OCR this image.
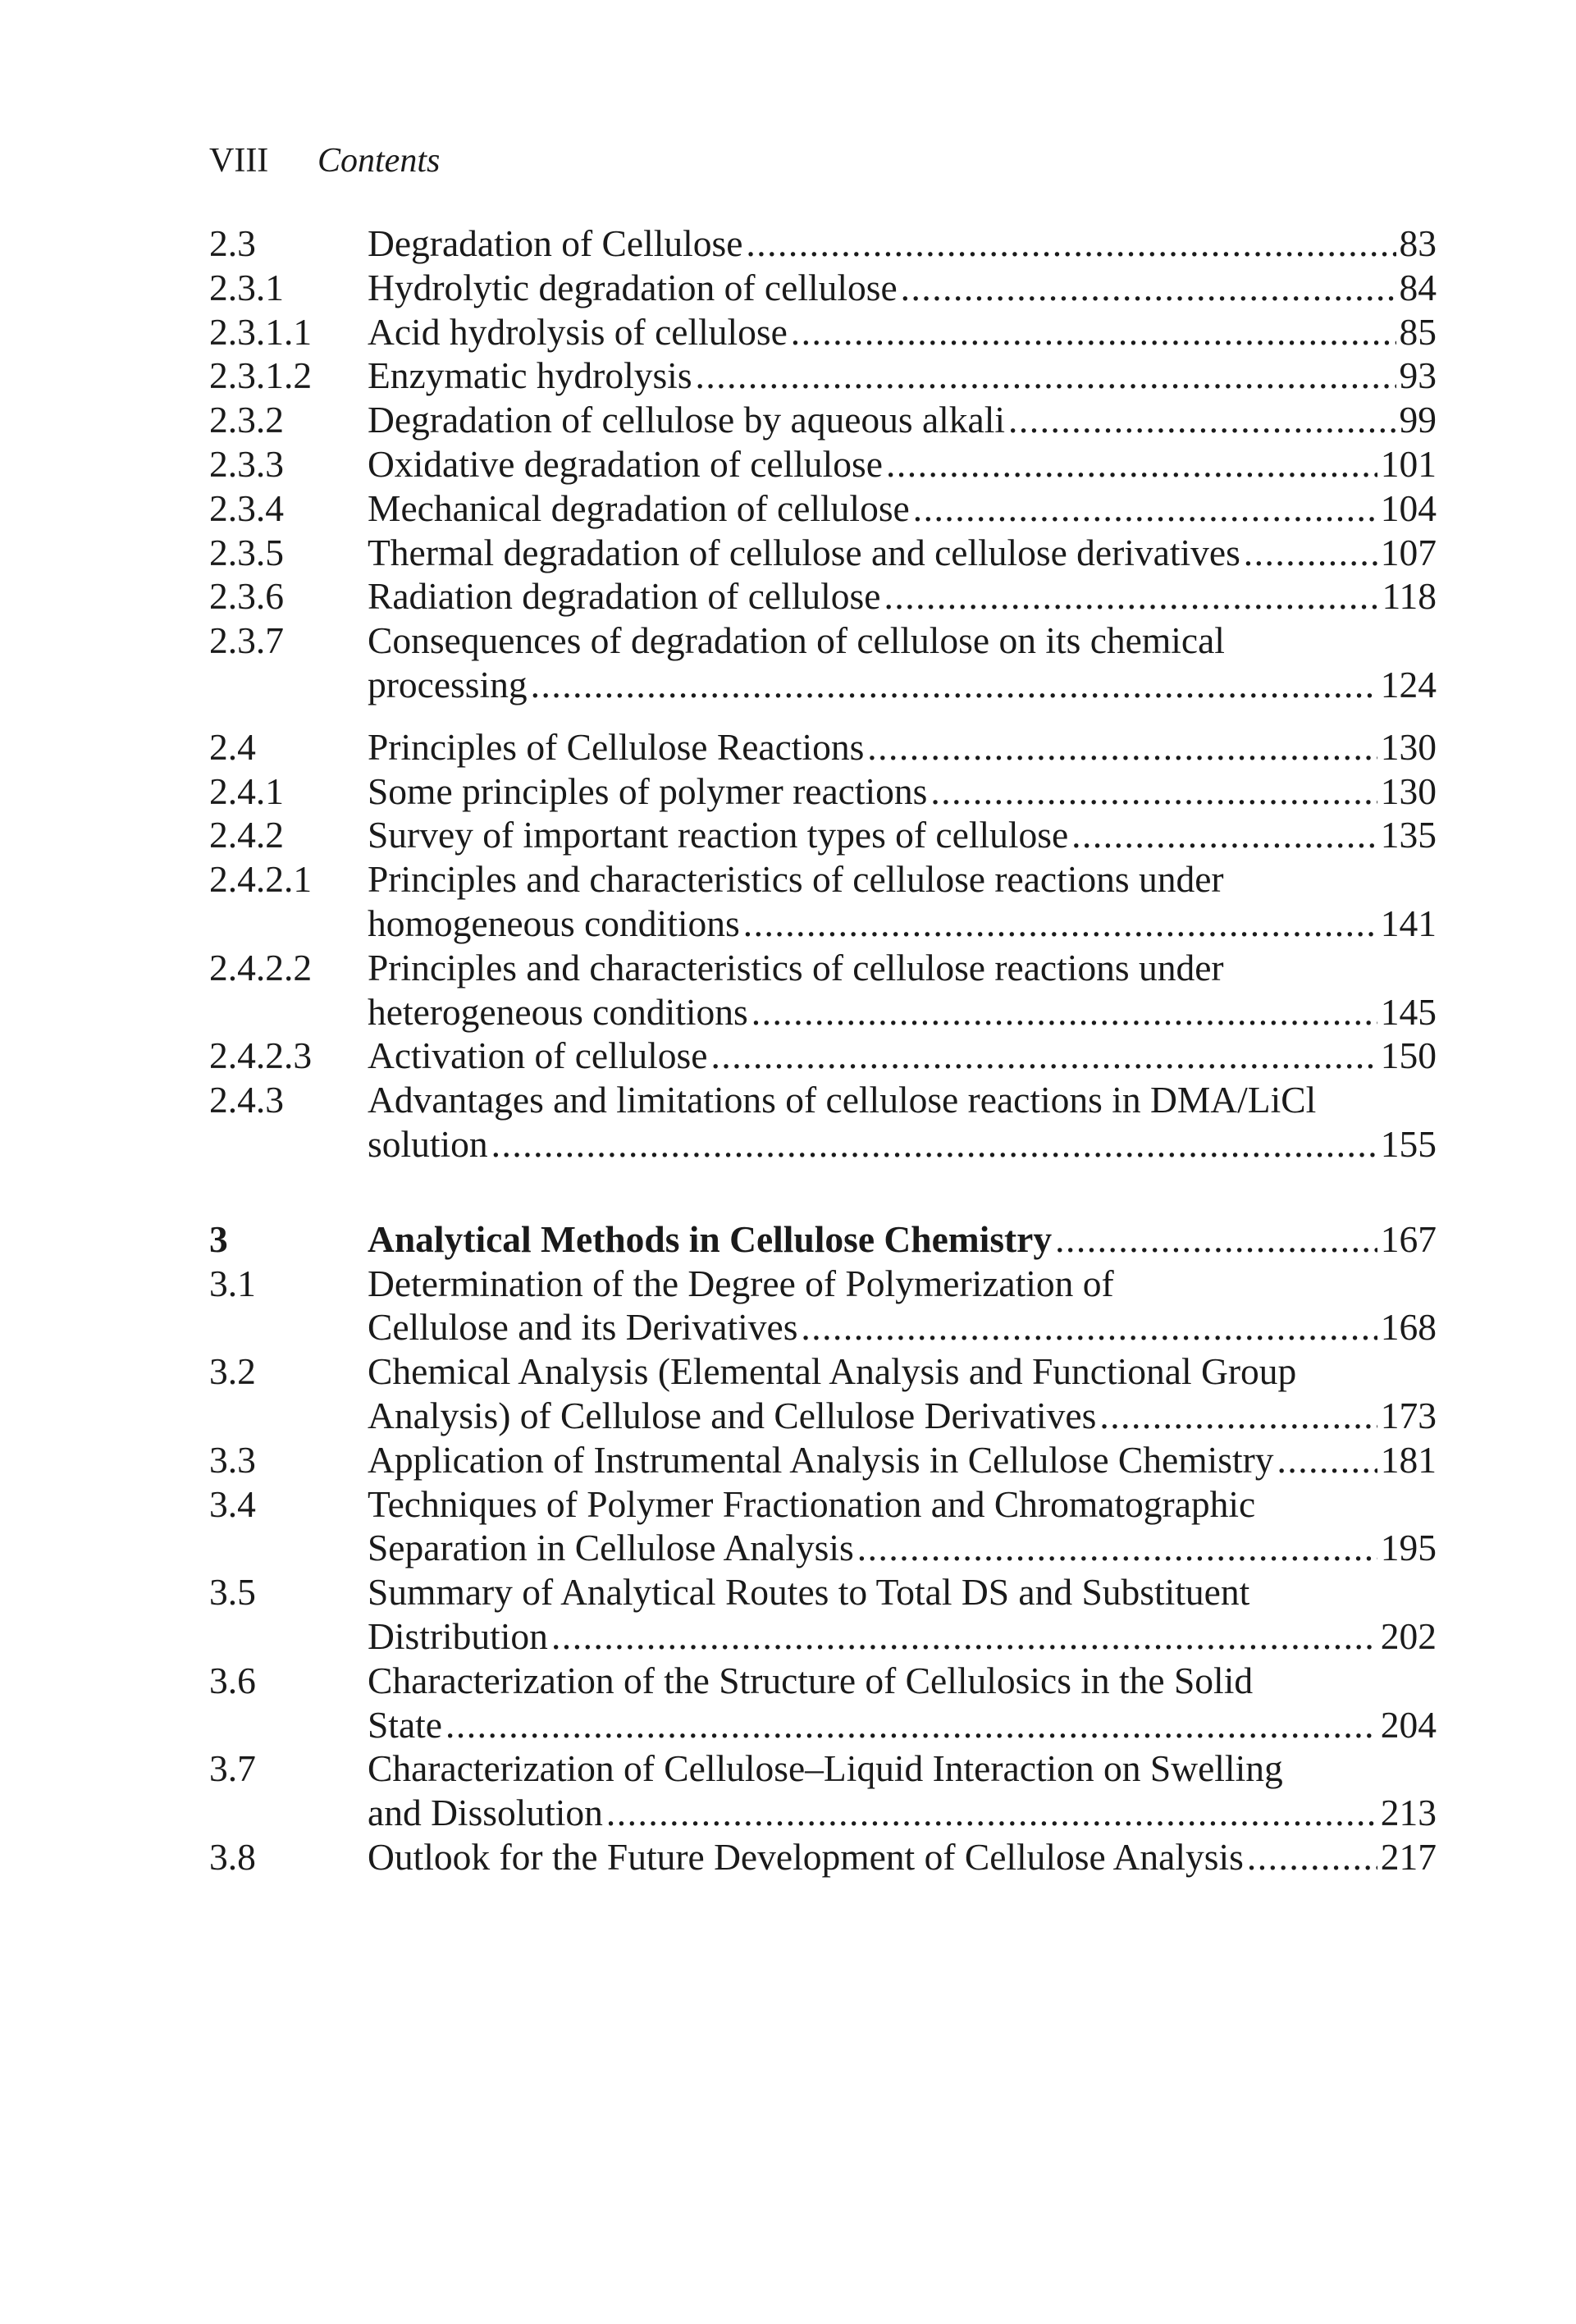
VIII Contents
2.3	Degradation of Cellulose .....	83
2.3.1	Hydrolytic degradation of cellulose .....	84
2.3.1.1	Acid hydrolysis of cellulose .....	85
2.3.1.2	Enzymatic hydrolysis .....	93
2.3.2	Degradation of cellulose by aqueous alkali .....	99
2.3.3	Oxidative degradation of cellulose .....	101
2.3.4	Mechanical degradation of cellulose .....	104
2.3.5	Thermal degradation of cellulose and cellulose derivatives .....	107
2.3.6	Radiation degradation of cellulose .....	118
2.3.7	Consequences of degradation of cellulose on its chemical
processing .....	124
2.4	Principles of Cellulose Reactions .....	130
2.4.1	Some principles of polymer reactions .....	130
2.4.2	Survey of important reaction types of cellulose .....	135
2.4.2.1	Principles and characteristics of cellulose reactions under
homogeneous conditions .....	141
2.4.2.2	Principles and characteristics of cellulose reactions under
heterogeneous conditions .....	145
2.4.2.3	Activation of cellulose .....	150
2.4.3	Advantages and limitations of cellulose reactions in DMA/LiCl
solution .....	155
3	Analytical Methods in Cellulose Chemistry .....	167
3.1	Determination of the Degree of Polymerization of
Cellulose and its Derivatives .....	168
3.2	Chemical Analysis (Elemental Analysis and Functional Group
Analysis) of Cellulose and Cellulose Derivatives .....	173
3.3	Application of Instrumental Analysis in Cellulose Chemistry .....	181
3.4	Techniques of Polymer Fractionation and Chromatographic
Separation in Cellulose Analysis .....	195
3.5	Summary of Analytical Routes to Total DS and Substituent
Distribution .....	202
3.6	Characterization of the Structure of Cellulosics in the Solid
State .....	204
3.7	Characterization of Cellulose–Liquid Interaction on Swelling
and Dissolution .....	213
3.8	Outlook for the Future Development of Cellulose Analysis .....	217
